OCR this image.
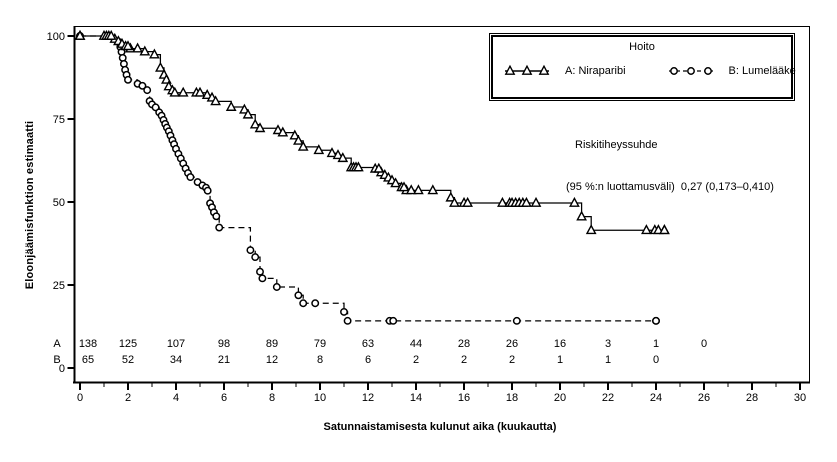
0
25
50
75
100
0	2	4	6	8	10	12	14	16	18	20	22	24	26	28	30
A 138 125	107	98	89	79	63	44	28	26	16	3	1	0
B 65	52	34	21	12	8	6	2	2	2	1	1	0
Eloonjäämisfunktion estimaatti
Satunnaistamisesta kulunut aika (kuukautta)
Hoito
A: Niraparibi	B: Lumelääke

Riskitiheyssuhde

(95 %:n luottamusväli)  0,27 (0,173–0,410)
